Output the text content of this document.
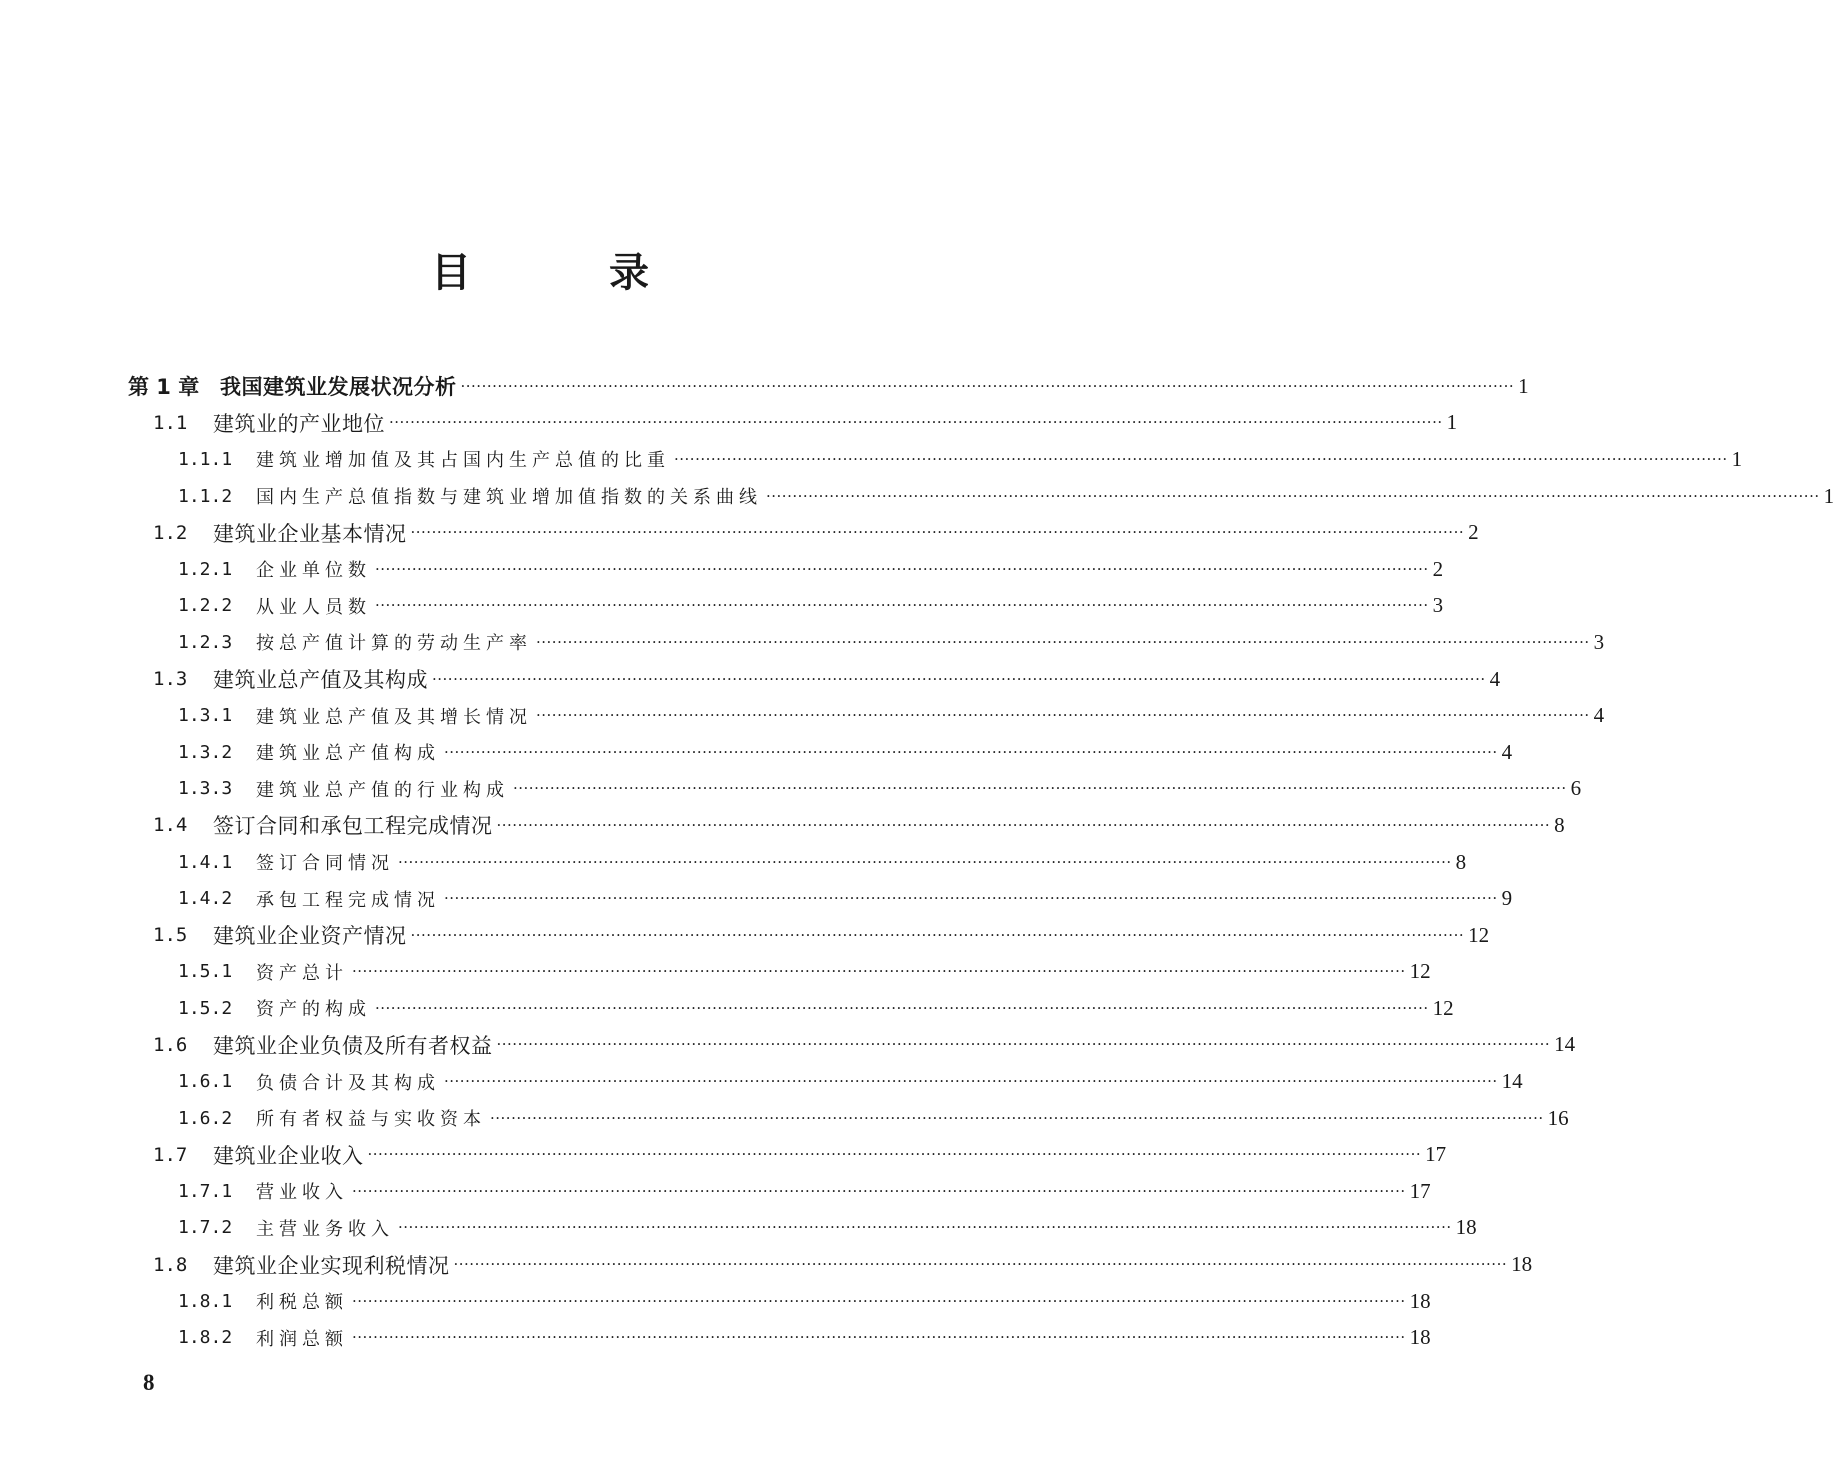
目 录
第 1 章 我国建筑业发展状况分析 ········································································································································································································ 1
1.1	建筑业的产业地位 ········································································································································································································ 1
1.1.1	建筑业增加值及其占国内生产总值的比重 ········································································································································································································ 1
1.1.2	国内生产总值指数与建筑业增加值指数的关系曲线 ········································································································································································································ 1
1.2	建筑业企业基本情况 ········································································································································································································ 2
1.2.1	企业单位数 ········································································································································································································ 2
1.2.2	从业人员数 ········································································································································································································ 3
1.2.3	按总产值计算的劳动生产率 ········································································································································································································ 3
1.3	建筑业总产值及其构成 ········································································································································································································ 4
1.3.1	建筑业总产值及其增长情况 ········································································································································································································ 4
1.3.2	建筑业总产值构成 ········································································································································································································ 4
1.3.3	建筑业总产值的行业构成 ········································································································································································································ 6
1.4	签订合同和承包工程完成情况 ········································································································································································································ 8
1.4.1	签订合同情况 ········································································································································································································ 8
1.4.2	承包工程完成情况 ········································································································································································································ 9
1.5	建筑业企业资产情况 ········································································································································································································ 12
1.5.1	资产总计 ········································································································································································································ 12
1.5.2	资产的构成 ········································································································································································································ 12
1.6	建筑业企业负债及所有者权益 ········································································································································································································ 14
1.6.1	负债合计及其构成 ········································································································································································································ 14
1.6.2	所有者权益与实收资本 ········································································································································································································ 16
1.7	建筑业企业收入 ········································································································································································································ 17
1.7.1	营业收入 ········································································································································································································ 17
1.7.2	主营业务收入 ········································································································································································································ 18
1.8	建筑业企业实现利税情况 ········································································································································································································ 18
1.8.1	利税总额 ········································································································································································································ 18
1.8.2	利润总额 ········································································································································································································ 18
8
